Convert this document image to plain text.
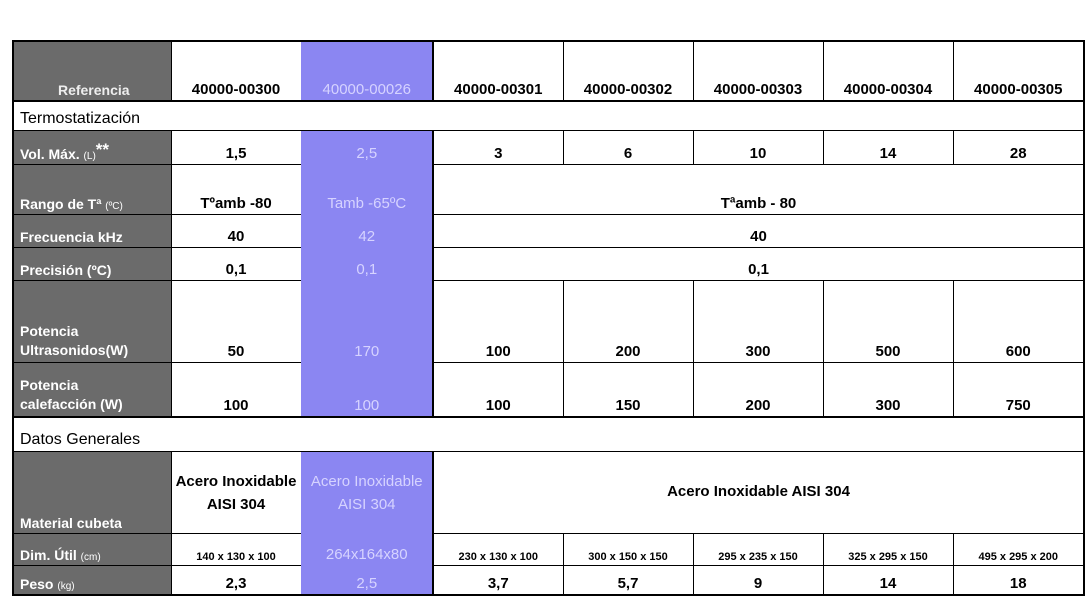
Referencia	40000-00300	40000-00026	40000-00301	40000-00302	40000-00303	40000-00304	40000-00305
Termostatización							
Vol. Máx. (L)**	1,5	2,5	3	6	10	14	28
Rango de Tª (ºC)	Tºamb -80	Tamb -65ºC	Tªamb - 80				
Frecuencia kHz	40	42	40				
Precisión (ºC)	0,1	0,1	0,1				
Potencia
Ultrasonidos(W)	50	170	100	200	300	500	600
Potencia
calefacción (W)	100	100	100	150	200	300	750
Datos Generales							
Material cubeta	Acero Inoxidable AISI 304	Acero Inoxidable AISI 304	Acero Inoxidable AISI 304				
Dim. Útil (cm)	140 x 130 x 100	264x164x80	230 x 130 x 100	300 x 150 x 150	295 x 235 x 150	325 x 295 x 150	495 x 295 x 200
Peso (kg)	2,3	2,5	3,7	5,7	9	14	18
